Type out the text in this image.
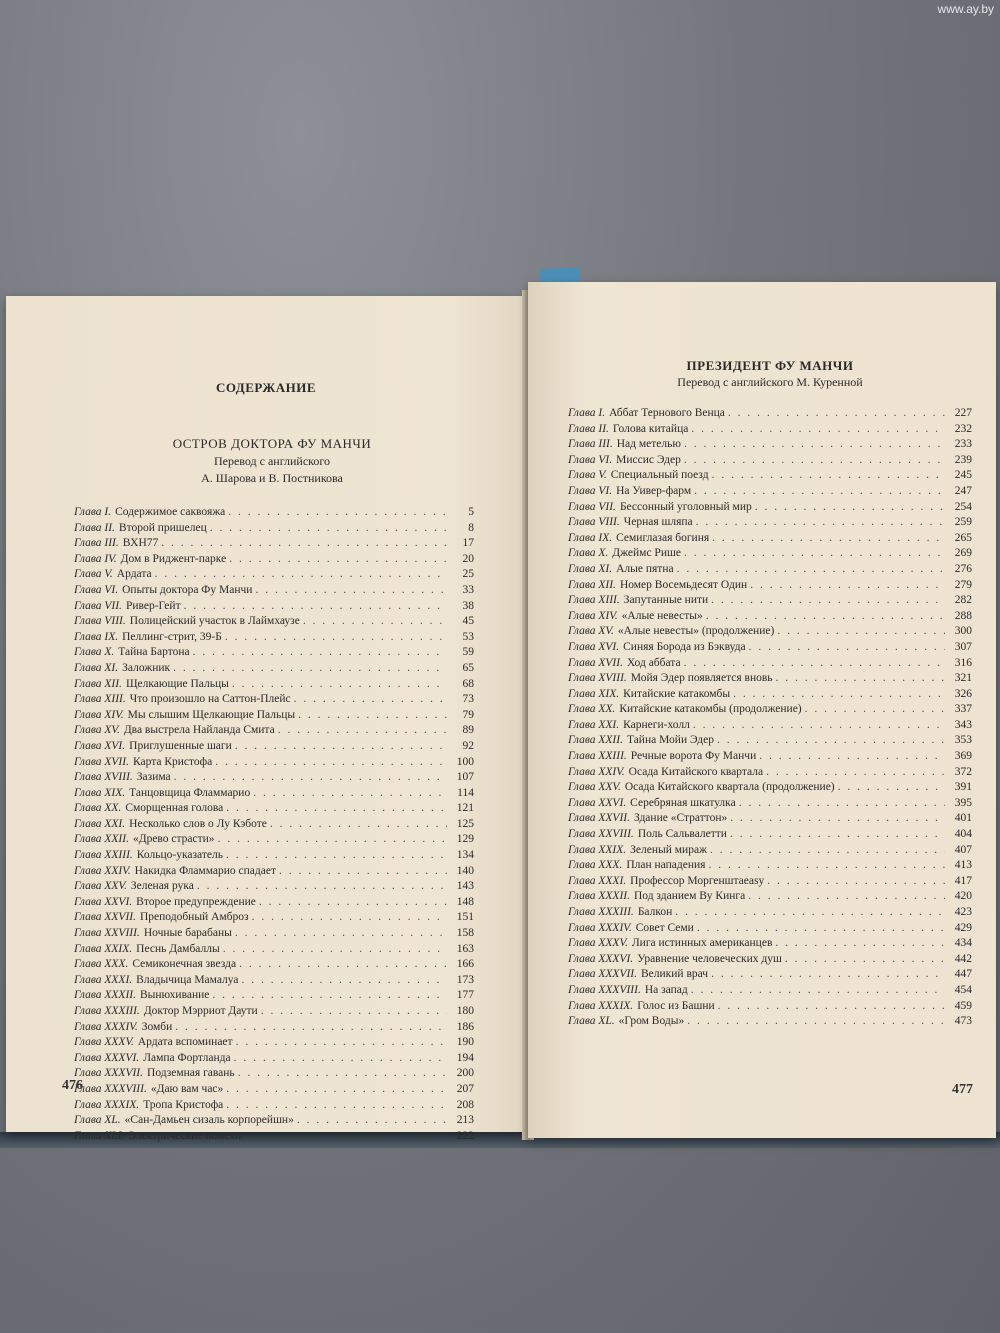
www.ay.by
СОДЕРЖАНИЕ
ОСТРОВ ДОКТОРА ФУ МАНЧИ
Перевод с английского
А. Шарова и В. Постникова
Глава I. Содержимое саквояжа . . .	5
Глава II. Второй пришелец . . .	8
Глава III. ВХН77 . . .	17
Глава IV. Дом в Риджент-парке . . .	20
Глава V. Ардата . . .	25
Глава VI. Опыты доктора Фу Манчи . . .	33
Глава VII. Ривер-Гейт . . .	38
Глава VIII. Полицейский участок в Лаймхаузе . . .	45
Глава IX. Пеллинг-стрит, 39-Б . . .	53
Глава X. Тайна Бартона . . .	59
Глава XI. Заложник . . .	65
Глава XII. Щелкающие Пальцы . . .	68
Глава XIII. Что произошло на Саттон-Плейс . . .	73
Глава XIV. Мы слышим Щелкающие Пальцы . . .	79
Глава XV. Два выстрела Найланда Смита . . .	89
Глава XVI. Приглушенные шаги . . .	92
Глава XVII. Карта Кристофа . . .	100
Глава XVIII. Зазима . . .	107
Глава XIX. Танцовщица Фламмарио . . .	114
Глава XX. Сморщенная голова . . .	121
Глава XXI. Несколько слов о Лу Кэботе . . .	125
Глава XXII. «Древо страсти» . . .	129
Глава XXIII. Кольцо-указатель . . .	134
Глава XXIV. Накидка Фламмарио спадает . . .	140
Глава XXV. Зеленая рука . . .	143
Глава XXVI. Второе предупреждение . . .	148
Глава XXVII. Преподобный Амброз . . .	151
Глава XXVIII. Ночные барабаны . . .	158
Глава XXIX. Песнь Дамбаллы . . .	163
Глава XXX. Семиконечная звезда . . .	166
Глава XXXI. Владычица Мамалуа . . .	173
Глава XXXII. Вынюхивание . . .	177
Глава XXXIII. Доктор Мэрриот Даути . . .	180
Глава XXXIV. Зомби . . .	186
Глава XXXV. Ардата вспоминает . . .	190
Глава XXXVI. Лампа Фортланда . . .	194
Глава XXXVII. Подземная гавань . . .	200
Глава XXXVIII. «Даю вам час» . . .	207
Глава XXXIX. Тропа Кристофа . . .	208
Глава XL. «Сан-Дамьен сизаль корпорейшн» . . .	213
Глава XLI. Электрические помехи . . .	222
476
ПРЕЗИДЕНТ ФУ МАНЧИ
Перевод с английского М. Куренной
Глава I. Аббат Тернового Венца . . .	227
Глава II. Голова китайца . . .	232
Глава III. Над метелью . . .	233
Глава VI. Миссис Эдер . . .	239
Глава V. Специальный поезд . . .	245
Глава VI. На Уивер-фарм . . .	247
Глава VII. Бессонный уголовный мир . . .	254
Глава VIII. Черная шляпа . . .	259
Глава IX. Семиглазая богиня . . .	265
Глава X. Джеймс Рише . . .	269
Глава XI. Алые пятна . . .	276
Глава XII. Номер Восемьдесят Один . . .	279
Глава XIII. Запутанные нити . . .	282
Глава XIV. «Алые невесты» . . .	288
Глава XV. «Алые невесты» (продолжение) . . .	300
Глава XVI. Синяя Борода из Бэквуда . . .	307
Глава XVII. Ход аббата . . .	316
Глава XVIII. Мойя Эдер появляется вновь . . .	321
Глава XIX. Китайские катакомбы . . .	326
Глава XX. Китайские катакомбы (продолжение) . . .	337
Глава XXI. Карнеги-холл . . .	343
Глава XXII. Тайна Мойи Эдер . . .	353
Глава XXIII. Речные ворота Фу Манчи . . .	369
Глава XXIV. Осада Китайского квартала . . .	372
Глава XXV. Осада Китайского квартала (продолжение) . . .	391
Глава XXVI. Серебряная шкатулка . . .	395
Глава XXVII. Здание «Страттон» . . .	401
Глава XXVIII. Поль Сальвалетти . . .	404
Глава XXIX. Зеленый мираж . . .	407
Глава XXX. План нападения . . .	413
Глава XXXI. Профессор Моргенштаeasy . . .	417
Глава XXXII. Под зданием Ву Кинга . . .	420
Глава XXXIII. Балкон . . .	423
Глава XXXIV. Совет Семи . . .	429
Глава XXXV. Лига истинных американцев . . .	434
Глава XXXVI. Уравнение человеческих душ . . .	442
Глава XXXVII. Великий врач . . .	447
Глава XXXVIII. На запад . . .	454
Глава XXXIX. Голос из Башни . . .	459
Глава XL. «Гром Воды» . . .	473
477
